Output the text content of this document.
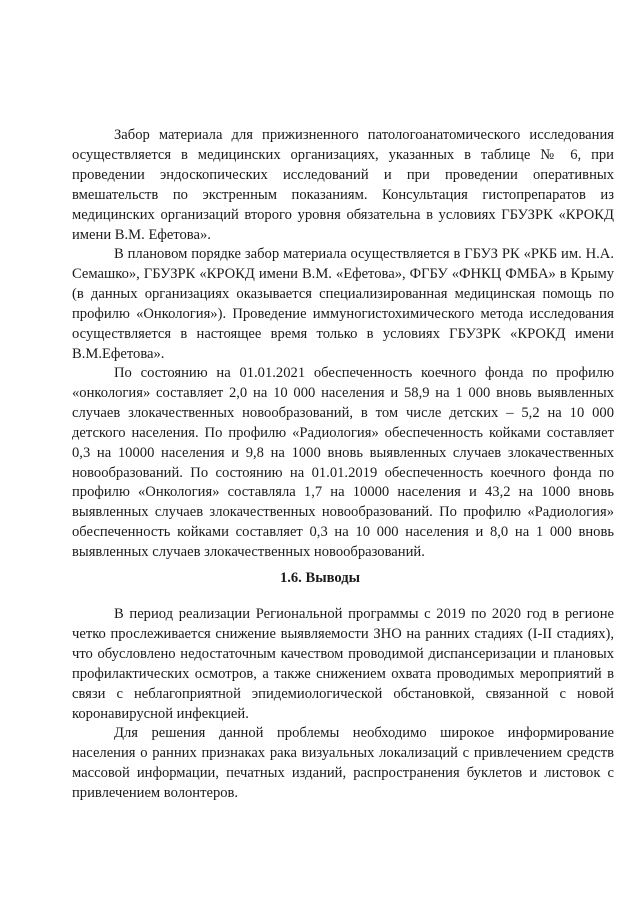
Забор материала для прижизненного патологоанатомического исследования осуществляется в медицинских организациях, указанных в таблице № 6, при проведении эндоскопических исследований и при проведении оперативных вмешательств по экстренным показаниям. Консультация гистопрепаратов из медицинских организаций второго уровня обязательна в условиях ГБУЗРК «КРОКД имени В.М. Ефетова».

В плановом порядке забор материала осуществляется в ГБУЗ РК «РКБ им. Н.А. Семашко», ГБУЗРК «КРОКД имени В.М. «Ефетова», ФГБУ «ФНКЦ ФМБА» в Крыму (в данных организациях оказывается специализированная медицинская помощь по профилю «Онкология»). Проведение иммуногистохимического метода исследования осуществляется в настоящее время только в условиях ГБУЗРК «КРОКД имени В.М.Ефетова».

По состоянию на 01.01.2021 обеспеченность коечного фонда по профилю «онкология» составляет 2,0 на 10 000 населения и 58,9 на 1 000 вновь выявленных случаев злокачественных новообразований, в том числе детских – 5,2 на 10 000 детского населения. По профилю «Радиология» обеспеченность койками составляет 0,3 на 10000 населения и 9,8 на 1000 вновь выявленных случаев злокачественных новообразований. По состоянию на 01.01.2019 обеспеченность коечного фонда по профилю «Онкология» составляла 1,7 на 10000 населения и 43,2 на 1000 вновь выявленных случаев злокачественных новообразований. По профилю «Радиология» обеспеченность койками составляет 0,3 на 10 000 населения и 8,0 на 1 000 вновь выявленных случаев злокачественных новообразований.

1.6. Выводы

В период реализации Региональной программы с 2019 по 2020 год в регионе четко прослеживается снижение выявляемости ЗНО на ранних стадиях (I-II стадиях), что обусловлено недостаточным качеством проводимой диспансеризации и плановых профилактических осмотров, а также снижением охвата проводимых мероприятий в связи с неблагоприятной эпидемиологической обстановкой, связанной с новой коронавирусной инфекцией.

Для решения данной проблемы необходимо широкое информирование населения о ранних признаках рака визуальных локализаций с привлечением средств массовой информации, печатных изданий, распространения буклетов и листовок с привлечением волонтеров.
